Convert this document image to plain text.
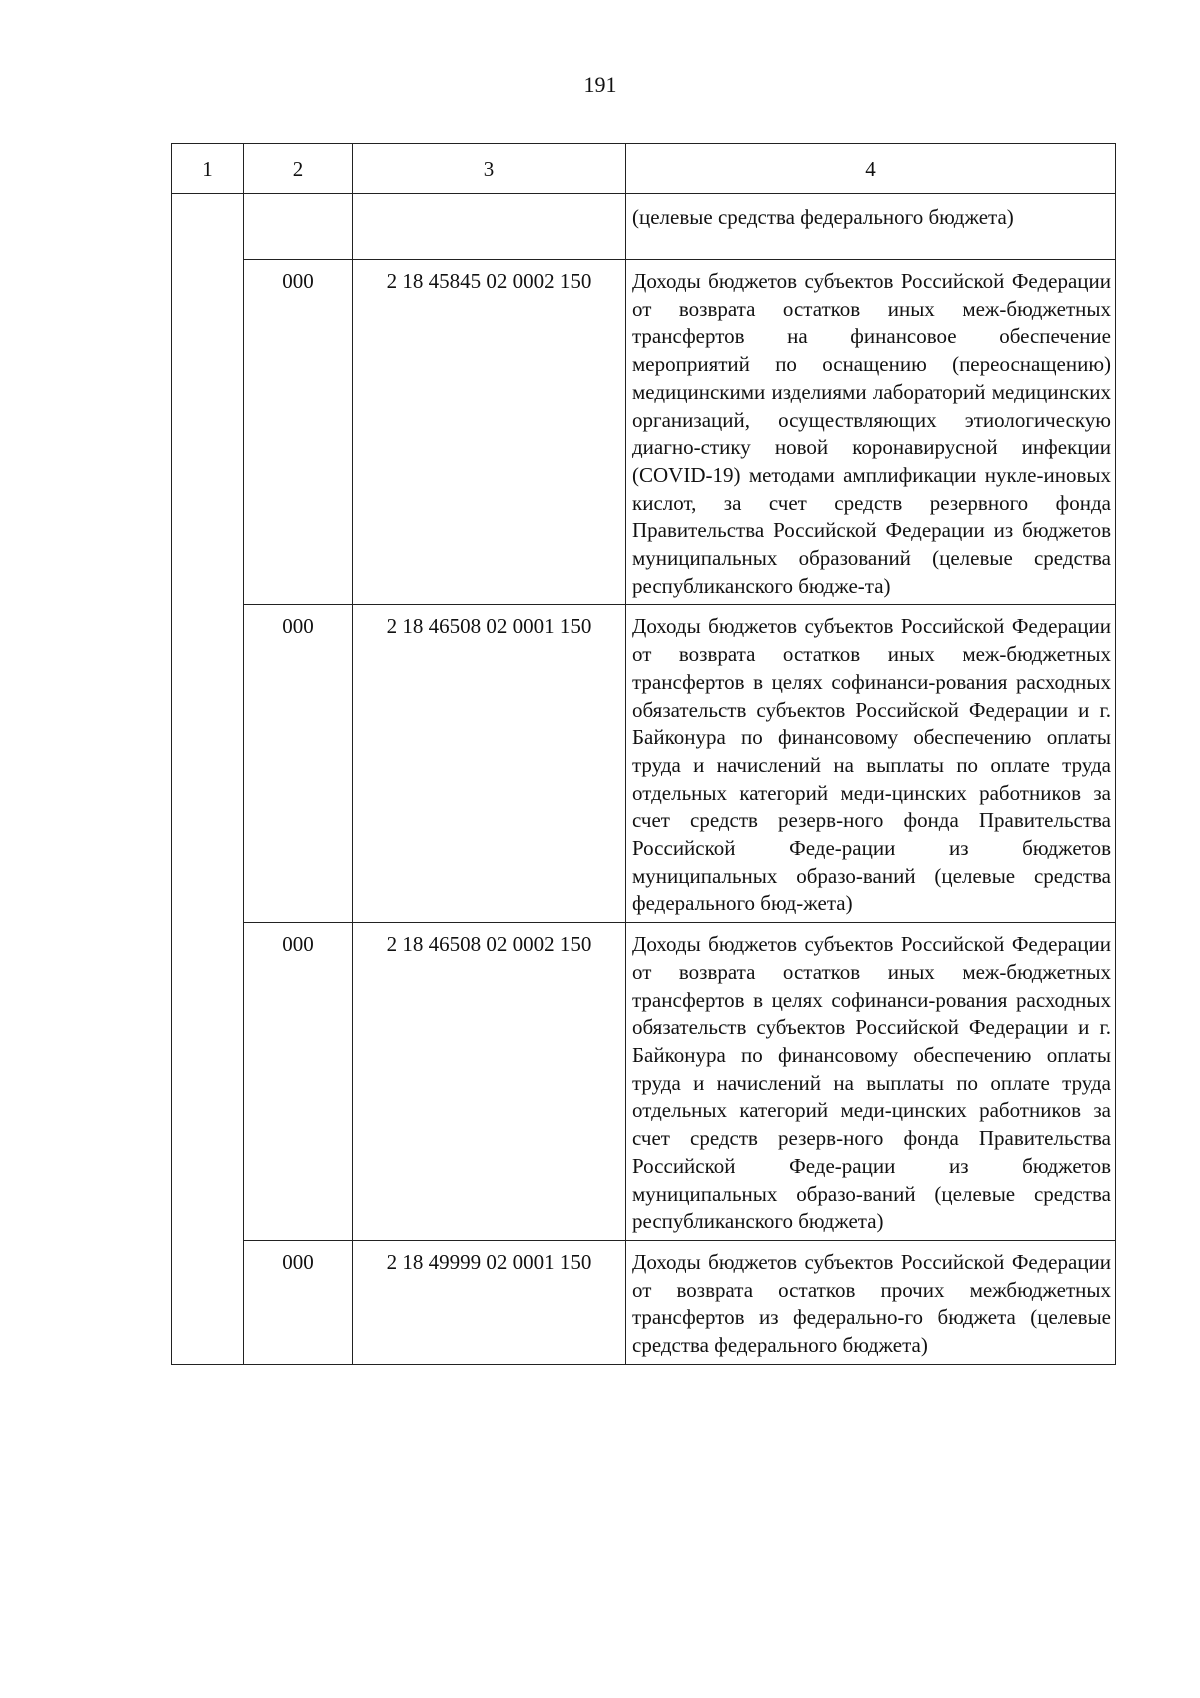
191
1	2	3	4

			(целевые средства федерального бюджета)

	000	2 18 45845 02 0002 150	Доходы бюджетов субъектов Российской Федерации от возврата остатков иных меж-бюджетных трансфертов на финансовое обеспечение мероприятий по оснащению (переоснащению) медицинскими изделиями лабораторий медицинских организаций, осуществляющих этиологическую диагно-стику новой коронавирусной инфекции (COVID-19) методами амплификации нукле-иновых кислот, за счет средств резервного фонда Правительства Российской Федерации из бюджетов муниципальных образований (целевые средства республиканского бюдже-та)

	000	2 18 46508 02 0001 150	Доходы бюджетов субъектов Российской Федерации от возврата остатков иных меж-бюджетных трансфертов в целях софинанси-рования расходных обязательств субъектов Российской Федерации и г. Байконура по финансовому обеспечению оплаты труда и начислений на выплаты по оплате труда отдельных категорий меди-цинских работников за счет средств резерв-ного фонда Правительства Российской Феде-рации из бюджетов муниципальных образо-ваний (целевые средства федерального бюд-жета)

	000	2 18 46508 02 0002 150	Доходы бюджетов субъектов Российской Федерации от возврата остатков иных меж-бюджетных трансфертов в целях софинанси-рования расходных обязательств субъектов Российской Федерации и г. Байконура по финансовому обеспечению оплаты труда и начислений на выплаты по оплате труда отдельных категорий меди-цинских работников за счет средств резерв-ного фонда Правительства Российской Феде-рации из бюджетов муниципальных образо-ваний (целевые средства республиканского бюджета)

	000	2 18 49999 02 0001 150	Доходы бюджетов субъектов Российской Федерации от возврата остатков прочих межбюджетных трансфертов из федерально-го бюджета (целевые средства федерального бюджета)
